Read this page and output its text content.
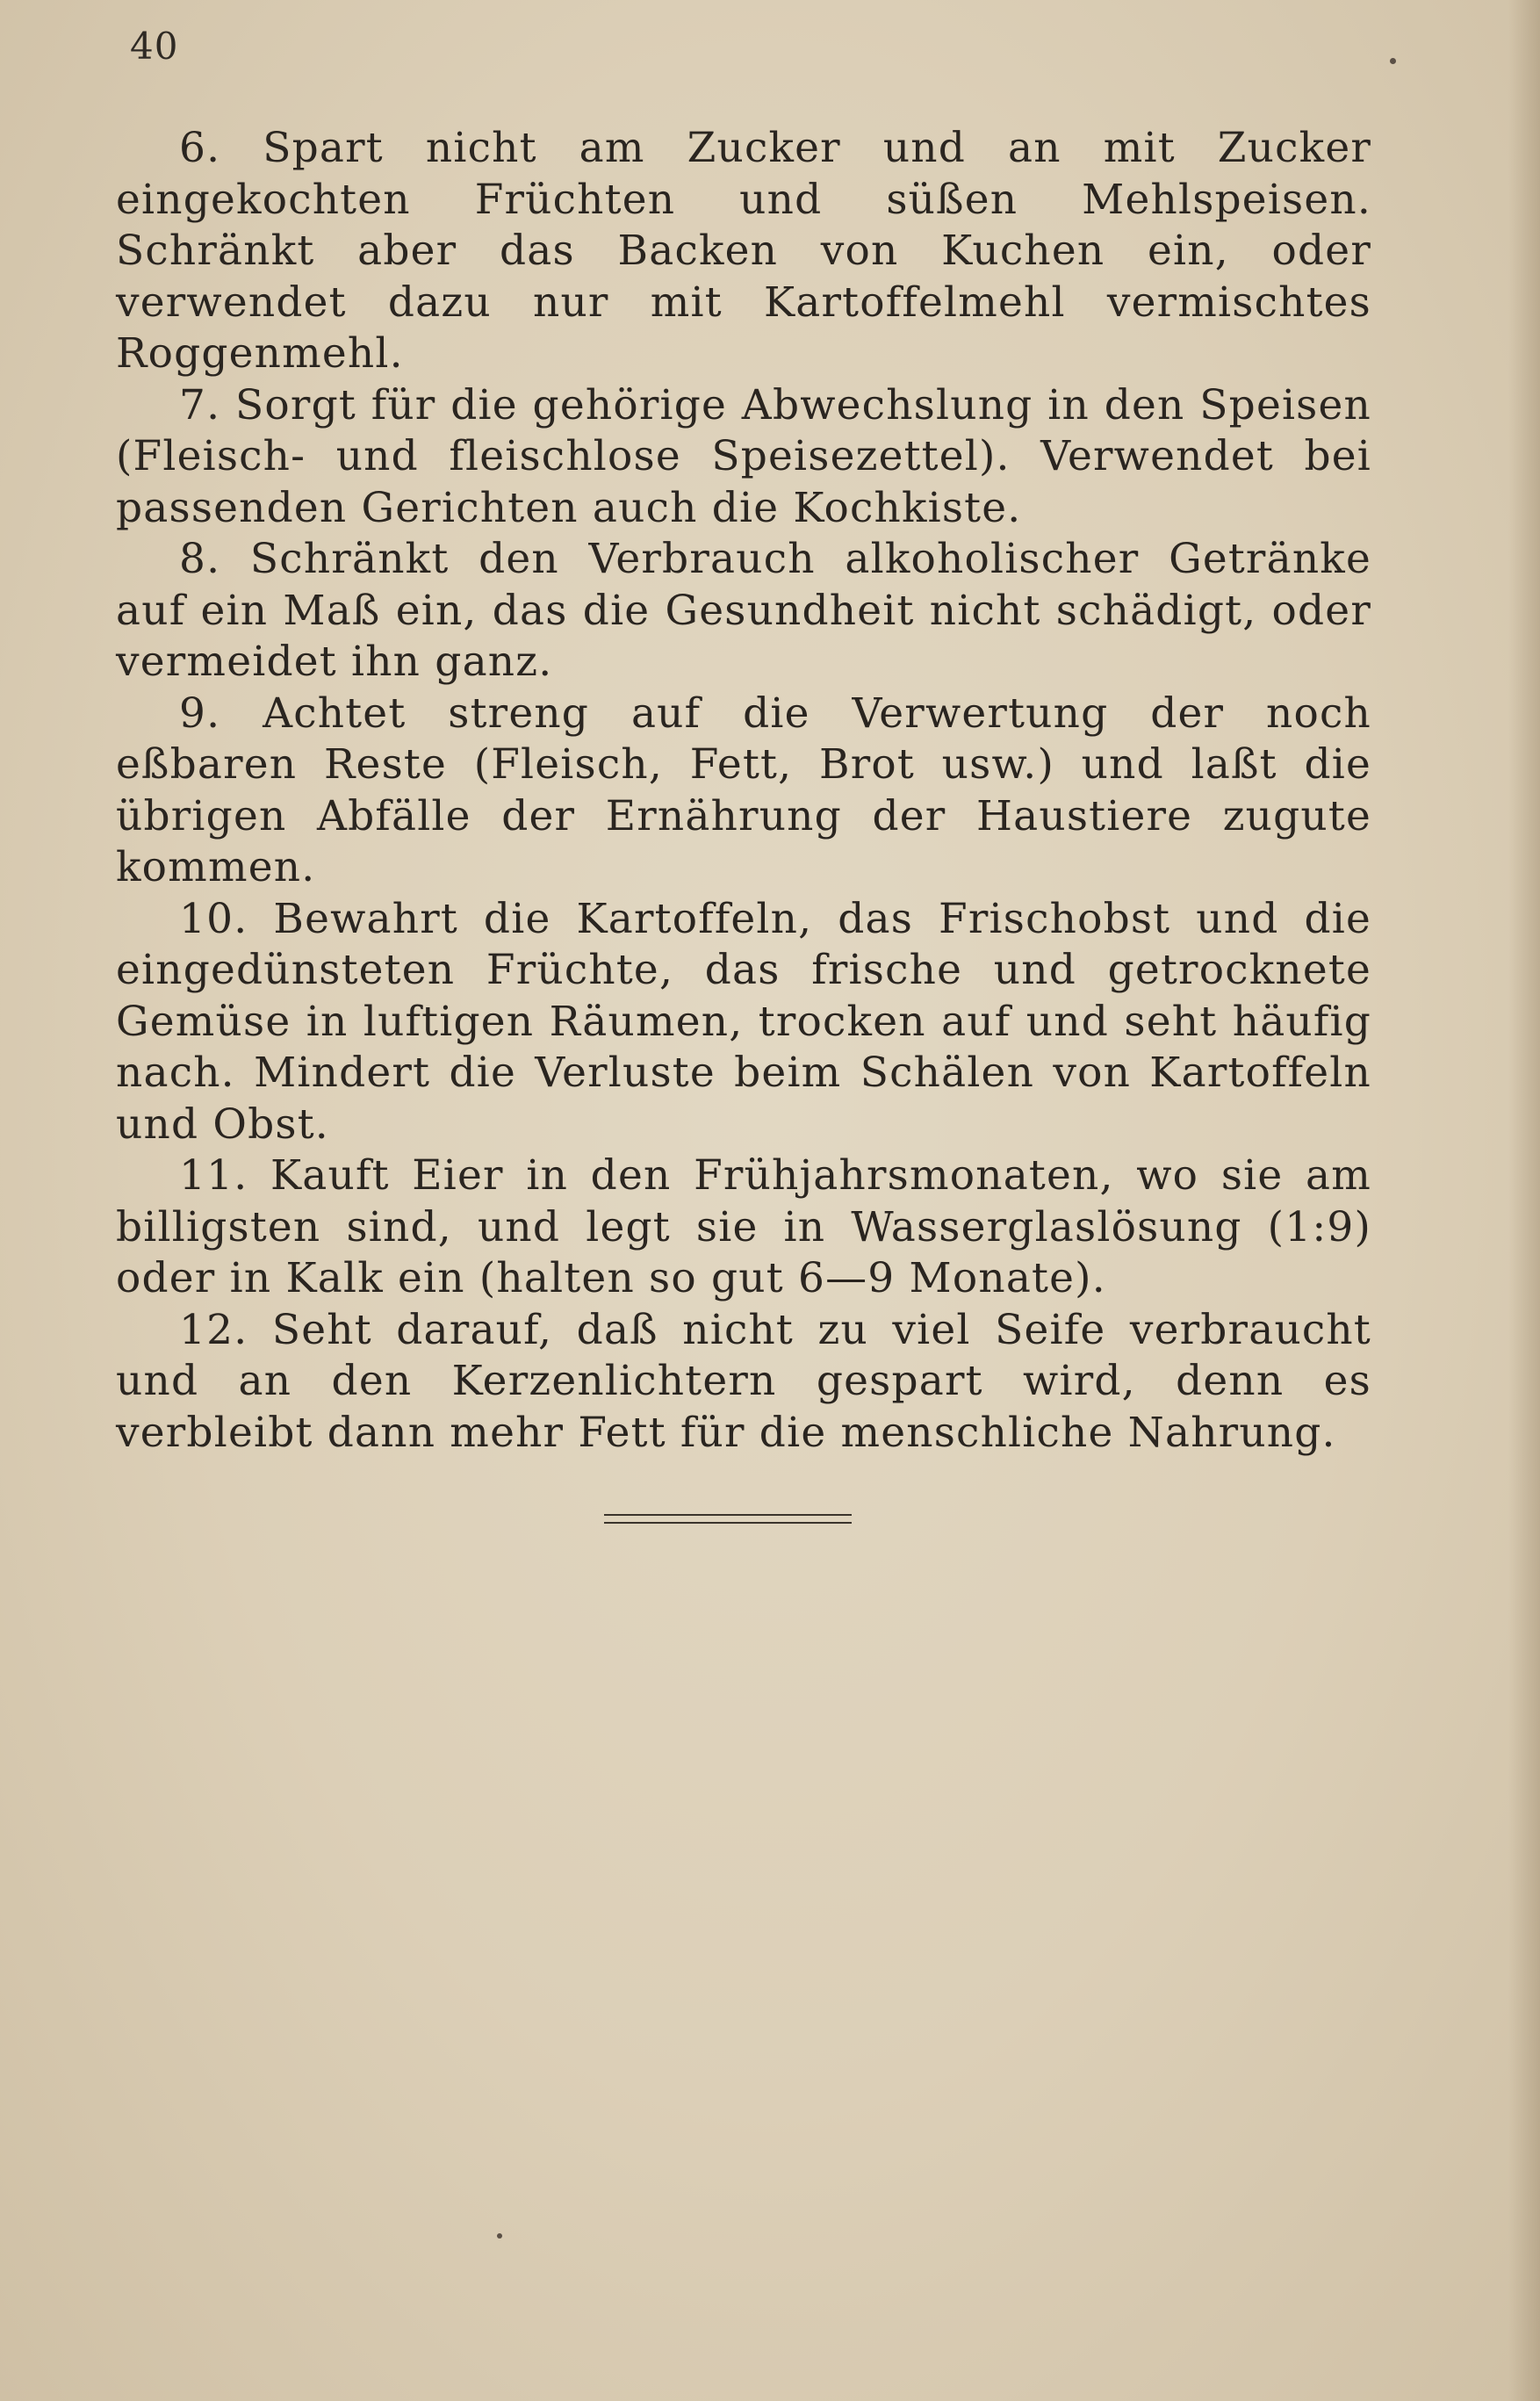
40

6. Spart nicht am Zucker und an mit Zucker eingekochten Früchten und süßen Mehlspeisen. Schränkt aber das Backen von Kuchen ein, oder verwendet dazu nur mit Kartoffelmehl vermischtes Roggenmehl.

7. Sorgt für die gehörige Abwechslung in den Speisen (Fleisch- und fleischlose Speisezettel). Verwendet bei passenden Gerichten auch die Kochkiste.

8. Schränkt den Verbrauch alkoholischer Getränke auf ein Maß ein, das die Gesundheit nicht schädigt, oder vermeidet ihn ganz.

9. Achtet streng auf die Verwertung der noch eßbaren Reste (Fleisch, Fett, Brot usw.) und laßt die übrigen Abfälle der Ernährung der Haustiere zugute kommen.

10. Bewahrt die Kartoffeln, das Frischobst und die eingedünsteten Früchte, das frische und getrocknete Gemüse in luftigen Räumen, trocken auf und seht häufig nach. Mindert die Verluste beim Schälen von Kartoffeln und Obst.

11. Kauft Eier in den Frühjahrsmonaten, wo sie am billigsten sind, und legt sie in Wasserglaslösung (1:9) oder in Kalk ein (halten so gut 6—9 Monate).

12. Seht darauf, daß nicht zu viel Seife verbraucht und an den Kerzenlichtern gespart wird, denn es verbleibt dann mehr Fett für die menschliche Nahrung.
